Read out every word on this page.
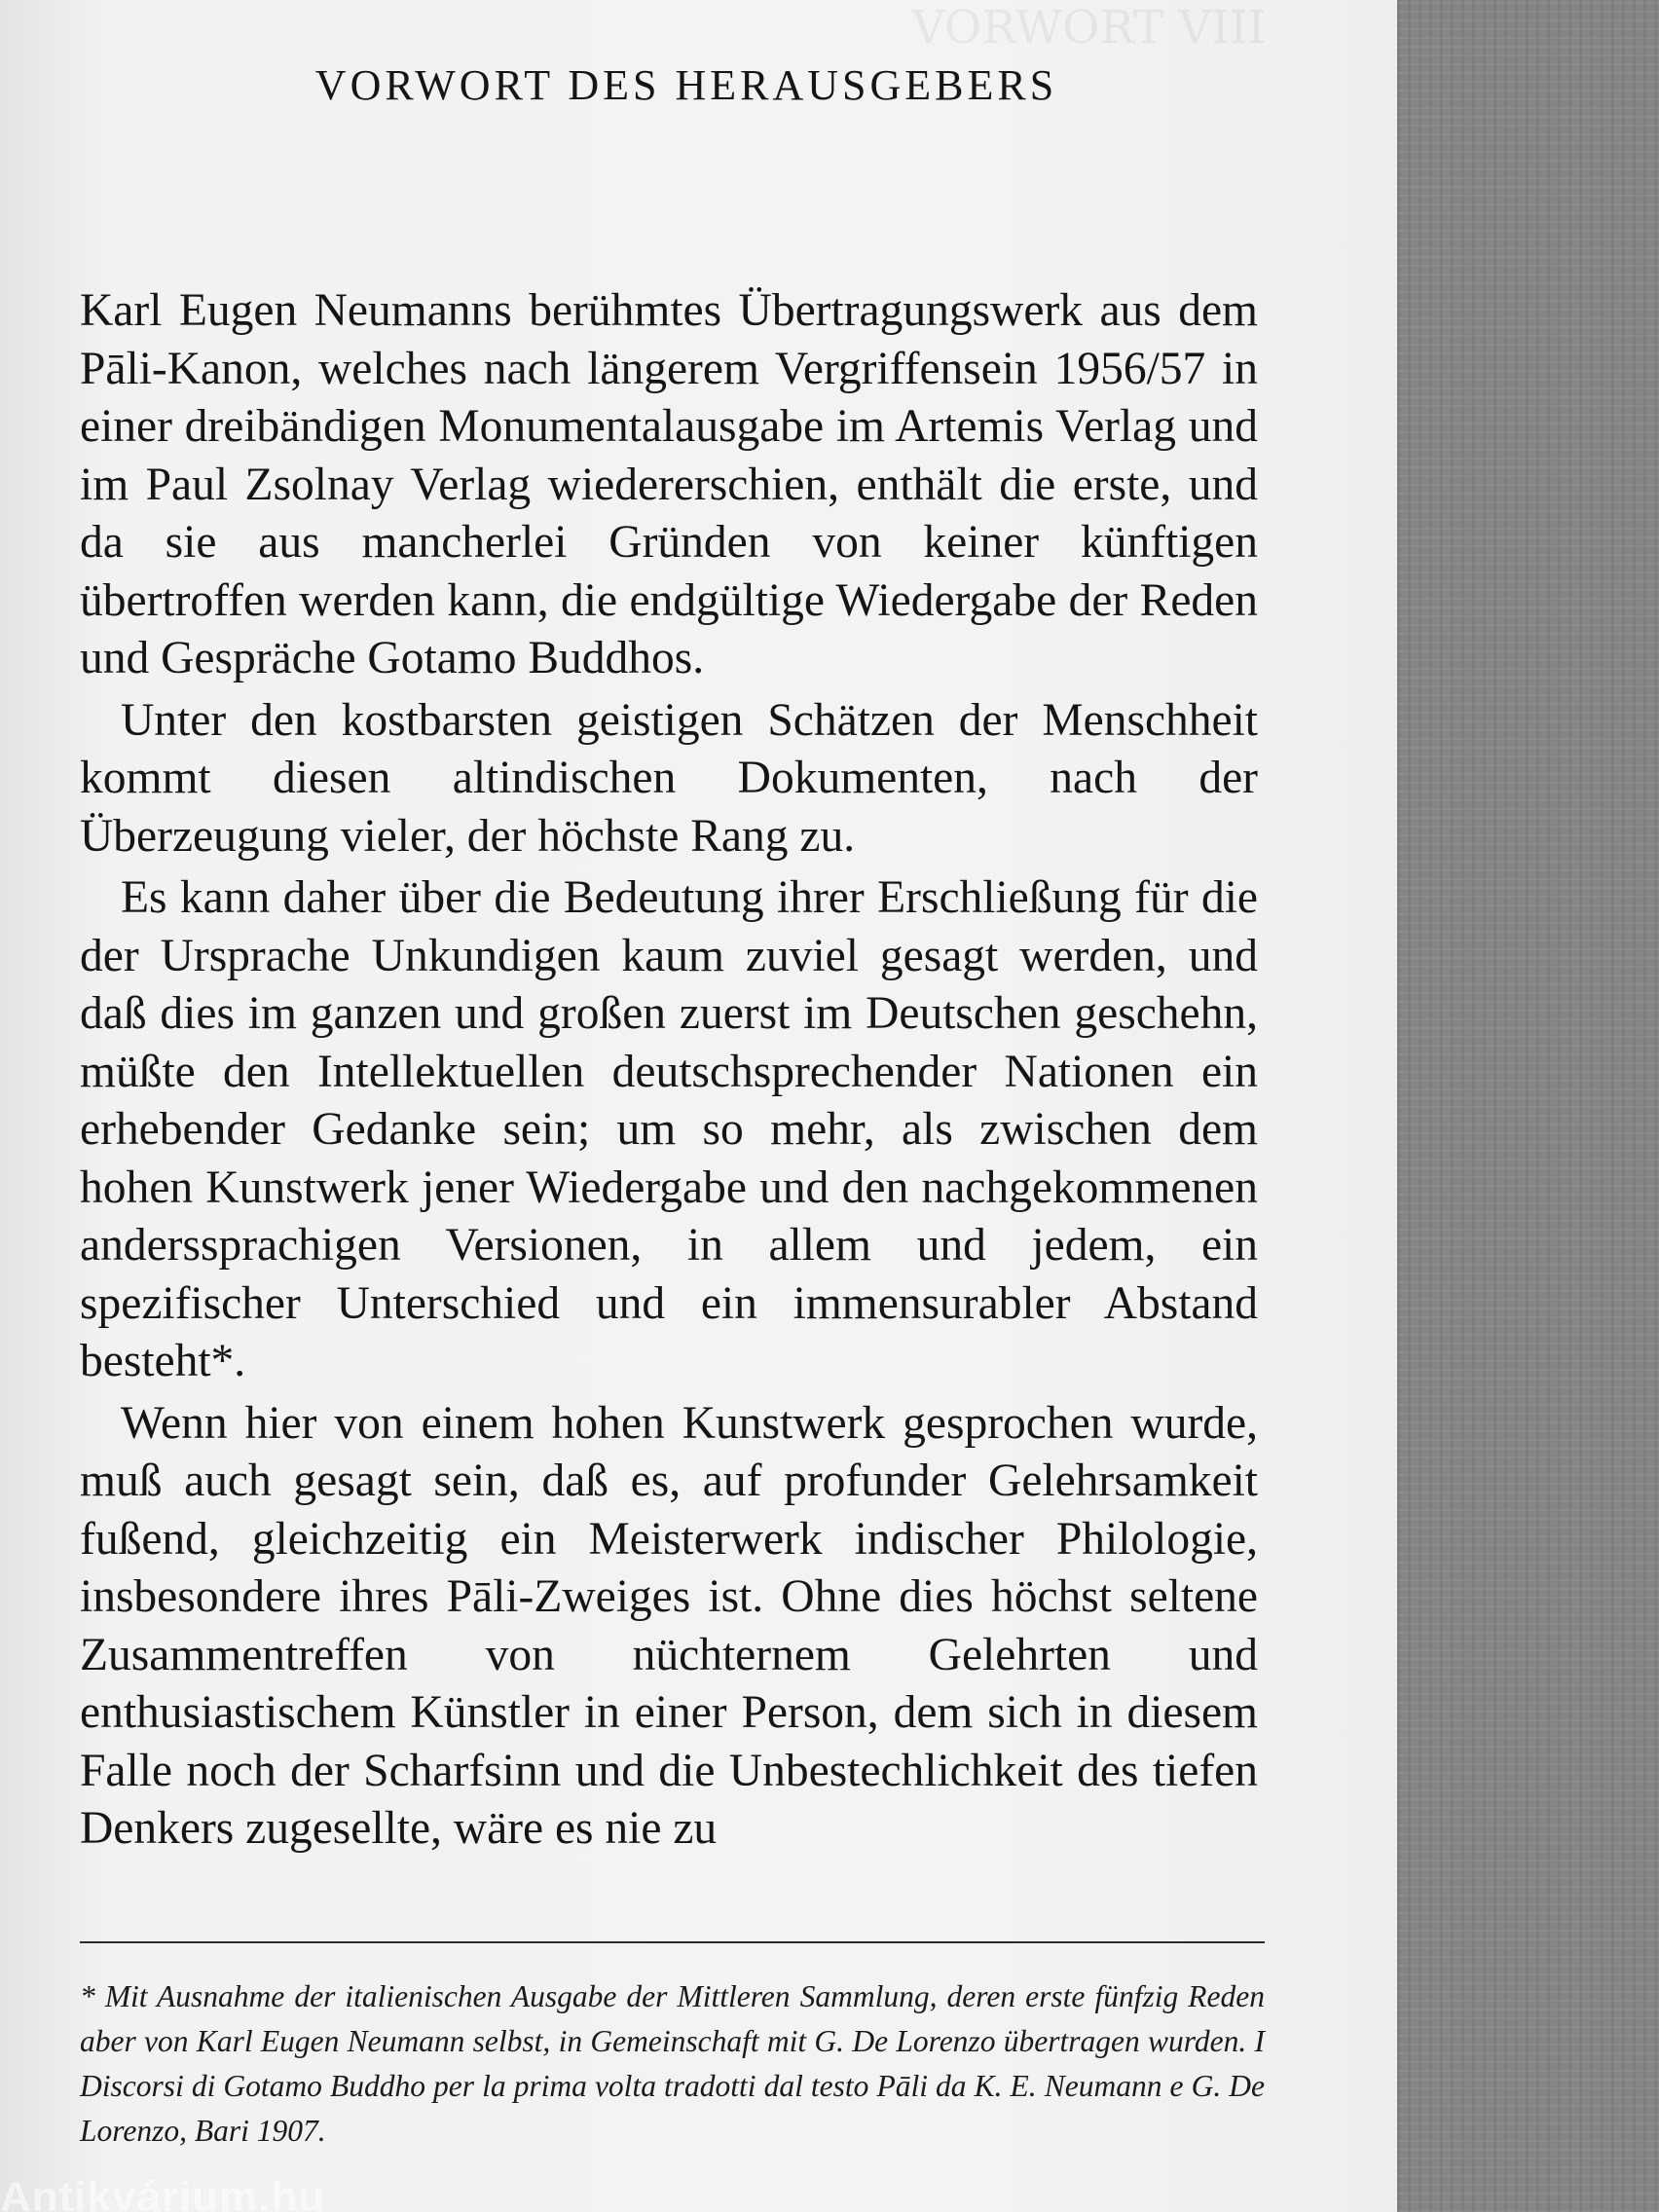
VORWORT VIII
VORWORT DES HERAUSGEBERS

Karl Eugen Neumanns berühmtes Übertragungswerk aus dem Pāli-Kanon, welches nach längerem Vergriffensein 1956/57 in einer dreibändigen Monumentalausgabe im Artemis Verlag und im Paul Zsolnay Verlag wiedererschien, enthält die erste, und da sie aus mancherlei Gründen von keiner künftigen übertroffen werden kann, die endgültige Wiedergabe der Reden und Gespräche Gotamo Buddhos.

Unter den kostbarsten geistigen Schätzen der Menschheit kommt diesen altindischen Dokumenten, nach der Überzeugung vieler, der höchste Rang zu.

Es kann daher über die Bedeutung ihrer Erschließung für die der Ursprache Unkundigen kaum zuviel gesagt werden, und daß dies im ganzen und großen zuerst im Deutschen geschehn, müßte den Intellektuellen deutschsprechender Nationen ein erhebender Gedanke sein; um so mehr, als zwischen dem hohen Kunstwerk jener Wiedergabe und den nachgekommenen anderssprachigen Versionen, in allem und jedem, ein spezifischer Unterschied und ein immensurabler Abstand besteht*.

Wenn hier von einem hohen Kunstwerk gesprochen wurde, muß auch gesagt sein, daß es, auf profunder Gelehrsamkeit fußend, gleichzeitig ein Meisterwerk indischer Philologie, insbesondere ihres Pāli-Zweiges ist. Ohne dies höchst seltene Zusammentreffen von nüchternem Gelehrten und enthusiastischem Künstler in einer Person, dem sich in diesem Falle noch der Scharfsinn und die Unbestechlichkeit des tiefen Denkers zugesellte, wäre es nie zu

* Mit Ausnahme der italienischen Ausgabe der Mittleren Sammlung, deren erste fünfzig Reden aber von Karl Eugen Neumann selbst, in Gemeinschaft mit G. De Lorenzo übertragen wurden. I Discorsi di Gotamo Buddho per la prima volta tradotti dal testo Pāli da K. E. Neumann e G. De Lorenzo, Bari 1907.
Antikvárium.hu
